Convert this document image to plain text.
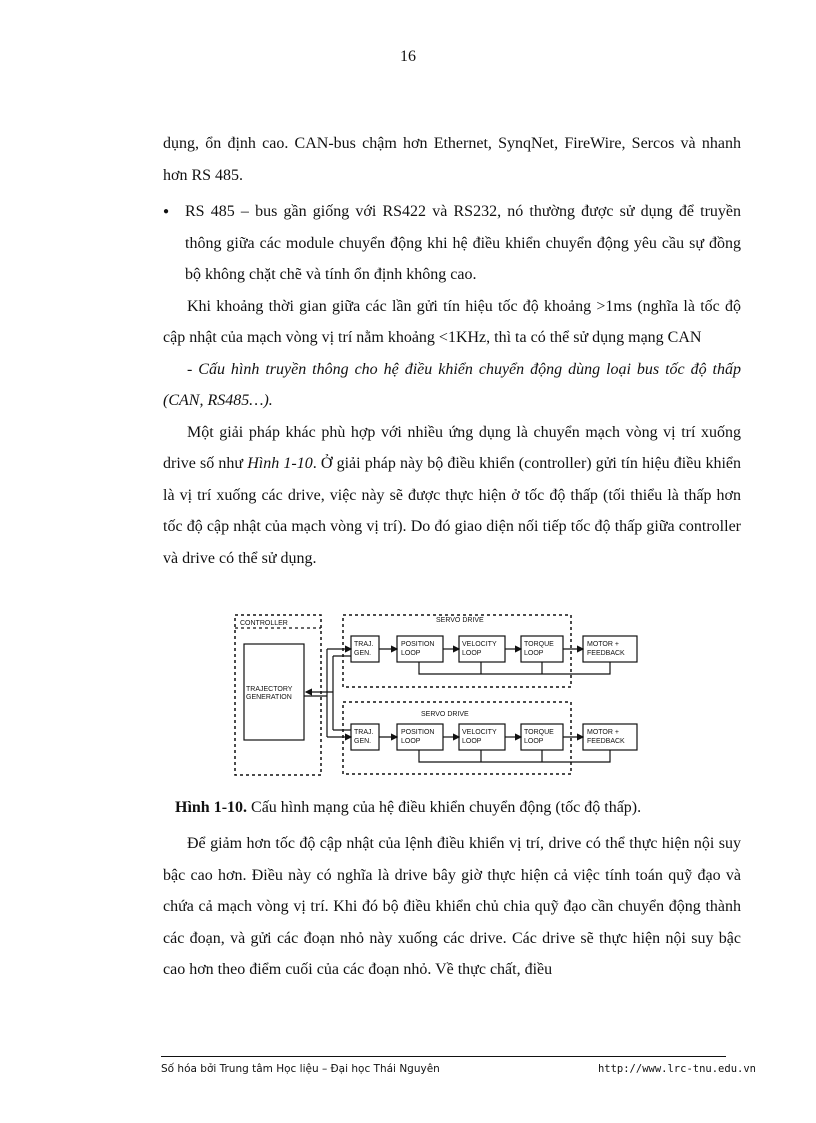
16

dụng, ổn định cao. CAN-bus chậm hơn Ethernet, SynqNet, FireWire, Sercos và nhanh hơn RS 485.

● RS 485 – bus gần giống với RS422 và RS232, nó thường được sử dụng để truyền thông giữa các module chuyển động khi hệ điều khiển chuyển động yêu cầu sự đồng bộ không chặt chẽ và tính ổn định không cao.

Khi khoảng thời gian giữa các lần gửi tín hiệu tốc độ khoảng >1ms (nghĩa là tốc độ cập nhật của mạch vòng vị trí nằm khoảng <1KHz, thì ta có thể sử dụng mạng CAN

- Cấu hình truyền thông cho hệ điều khiển chuyển động dùng loại bus tốc độ thấp (CAN, RS485…).

Một giải pháp khác phù hợp với nhiều ứng dụng là chuyển mạch vòng vị trí xuống drive số như Hình 1-10. Ở giải pháp này bộ điều khiển (controller) gửi tín hiệu điều khiển là vị trí xuống các drive, việc này sẽ được thực hiện ở tốc độ thấp (tối thiểu là thấp hơn tốc độ cập nhật của mạch vòng vị trí). Do đó giao diện nối tiếp tốc độ thấp giữa controller và drive có thể sử dụng.

CONTROLLER
TRAJECTORY
GENERATION
SERVO DRIVE
TRAJ.
GEN.
POSITION
LOOP
VELOCITY
LOOP
TORQUE
LOOP
MOTOR +
FEEDBACK
SERVO DRIVE
TRAJ.
GEN.
POSITION
LOOP
VELOCITY
LOOP
TORQUE
LOOP
MOTOR +
FEEDBACK
Hình 1-10. Cấu hình mạng của hệ điều khiển chuyển động (tốc độ thấp).

Để giảm hơn tốc độ cập nhật của lệnh điều khiển vị trí, drive có thể thực hiện nội suy bậc cao hơn. Điều này có nghĩa là drive bây giờ thực hiện cả việc tính toán quỹ đạo và chứa cả mạch vòng vị trí. Khi đó bộ điều khiển chủ chia quỹ đạo cần chuyển động thành các đoạn, và gửi các đoạn nhỏ này xuống các drive. Các drive sẽ thực hiện nội suy bậc cao hơn theo điểm cuối của các đoạn nhỏ. Về thực chất, điều

Số hóa bởi Trung tâm Học liệu – Đại học Thái Nguyên	http://www.lrc-tnu.edu.vn
